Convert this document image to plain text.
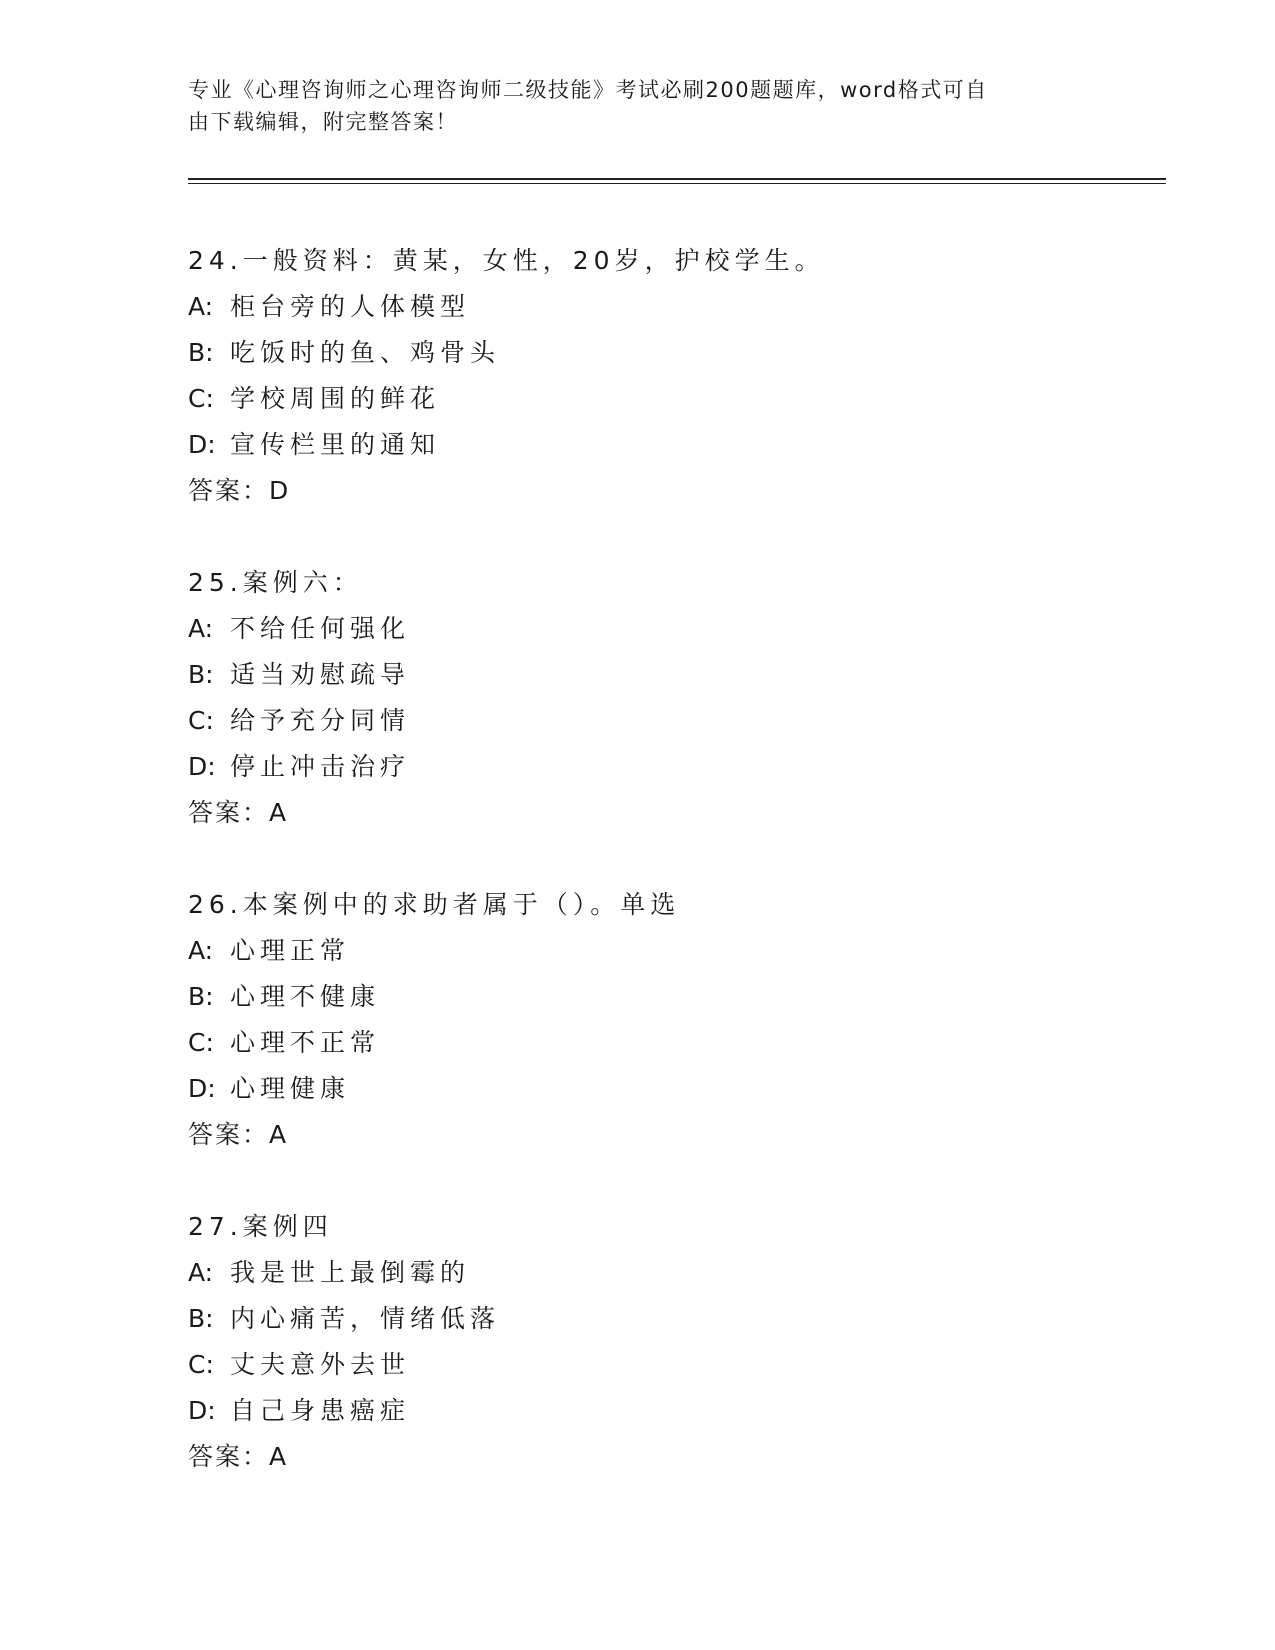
专业《心理咨询师之心理咨询师二级技能》考试必刷200题题库，word格式可自
由下载编辑，附完整答案！
24.一般资料：黄某，女性，20岁，护校学生。
A: 柜台旁的人体模型
B: 吃饭时的鱼、鸡骨头
C: 学校周围的鲜花
D: 宣传栏里的通知
答案：D
25.案例六：
A: 不给任何强化
B: 适当劝慰疏导
C: 给予充分同情
D: 停止冲击治疗
答案：A
26.本案例中的求助者属于（）。单选
A: 心理正常
B: 心理不健康
C: 心理不正常
D: 心理健康
答案：A
27.案例四
A: 我是世上最倒霉的
B: 内心痛苦，情绪低落
C: 丈夫意外去世
D: 自己身患癌症
答案：A
